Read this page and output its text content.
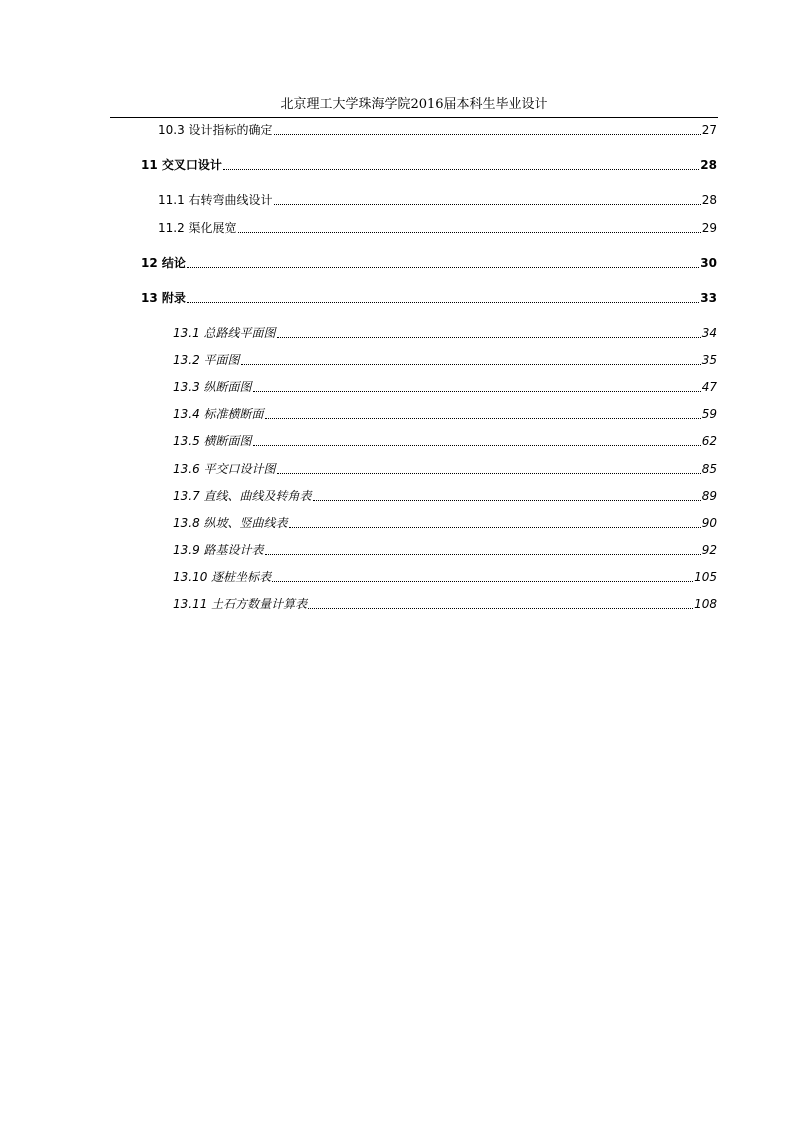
北京理工大学珠海学院2016届本科生毕业设计
10.3 设计指标的确定	27
11 交叉口设计	28
11.1 右转弯曲线设计	28
11.2 渠化展宽	29
12 结论	30
13 附录	33
13.1 总路线平面图	34
13.2 平面图	35
13.3 纵断面图	47
13.4 标准横断面	59
13.5 横断面图	62
13.6 平交口设计图	85
13.7 直线、曲线及转角表	89
13.8 纵坡、竖曲线表	90
13.9 路基设计表	92
13.10 逐桩坐标表	105
13.11 土石方数量计算表	108
